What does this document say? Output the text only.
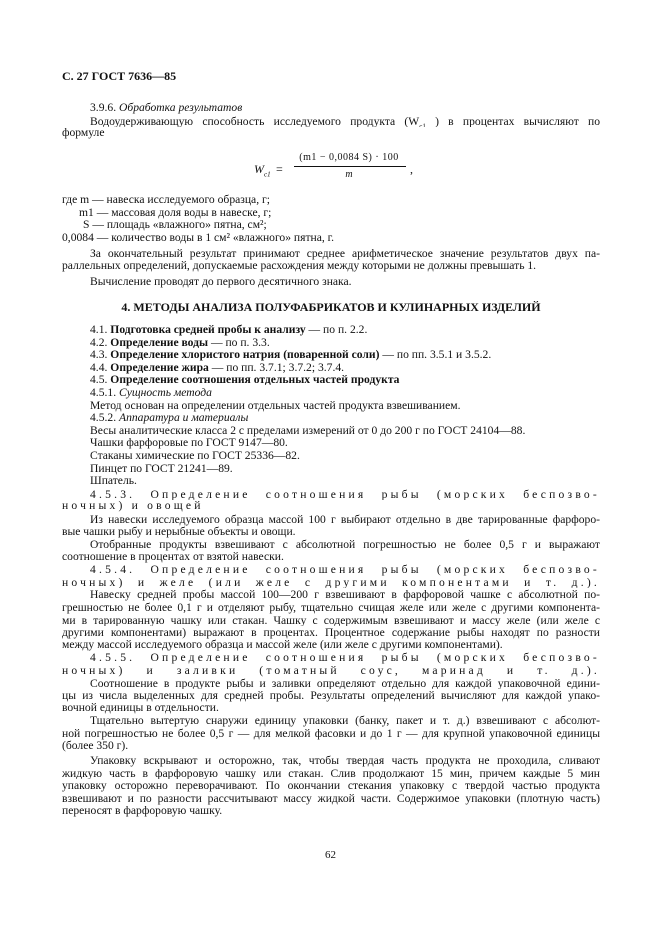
С. 27 ГОСТ 7636—85
3.9.6. Обработка результатов
Водоудерживающую способность исследуемого продукта ($W_{c1}$ ) в процентах вычисляют по
формуле
$W_{c1}$ =
(m1 − 0,0084 S) · 100
m	,
где m — навеска исследуемого образца, г;
m1 — массовая доля воды в навеске, г;
S — площадь «влажного» пятна, см²;
0,0084 — количество воды в 1 см² «влажного» пятна, г.
За окончательный результат принимают среднее арифметическое значение результатов двух па-
раллельных определений, допускаемые расхождения между которыми не должны превышать 1.
Вычисление проводят до первого десятичного знака.
4. МЕТОДЫ АНАЛИЗА ПОЛУФАБРИКАТОВ И КУЛИНАРНЫХ ИЗДЕЛИЙ
4.1. Подготовка средней пробы к анализу — по п. 2.2.
4.2. Определение воды — по п. 3.3.
4.3. Определение хлористого натрия (поваренной соли) — по пп. 3.5.1 и 3.5.2.
4.4. Определение жира — по пп. 3.7.1; 3.7.2; 3.7.4.
4.5. Определение соотношения отдельных частей продукта
4.5.1. Сущность метода
Метод основан на определении отдельных частей продукта взвешиванием.
4.5.2. Аппаратура и материалы
Весы аналитические класса 2 с пределами измерений от 0 до 200 г по ГОСТ 24104—88.
Чашки фарфоровые по ГОСТ 9147—80.
Стаканы химические по ГОСТ 25336—82.
Пинцет по ГОСТ 21241—89.
Шпатель.
4.5.3. Определение соотношения рыбы (морских беспозво-
ночных) и овощей
Из навески исследуемого образца массой 100 г выбирают отдельно в две тарированные фарфоро-
вые чашки рыбу и нерыбные объекты и овощи.
Отобранные продукты взвешивают с абсолютной погрешностью не более 0,5 г и выражают
соотношение в процентах от взятой навески.
4.5.4. Определение соотношения рыбы (морских беспозво-
ночных) и желе (или желе с другими компонентами и т. д.).
Навеску средней пробы массой 100—200 г взвешивают в фарфоровой чашке с абсолютной по-
грешностью не более 0,1 г и отделяют рыбу, тщательно счищая желе или желе с другими компонента-
ми в тарированную чашку или стакан. Чашку с содержимым взвешивают и массу желе (или желе с
другими компонентами) выражают в процентах. Процентное содержание рыбы находят по разности
между массой исследуемого образца и массой желе (или желе с другими компонентами).
4.5.5. Определение соотношения рыбы (морских беспозво-
ночных) и заливки (томатный соус, маринад и т. д.).
Соотношение в продукте рыбы и заливки определяют отдельно для каждой упаковочной едини-
цы из числа выделенных для средней пробы. Результаты определений вычисляют для каждой упако-
вочной единицы в отдельности.
Тщательно вытертую снаружи единицу упаковки (банку, пакет и т. д.) взвешивают с абсолют-
ной погрешностью не более 0,5 г — для мелкой фасовки и до 1 г — для крупной упаковочной единицы
(более 350 г).
Упаковку вскрывают и осторожно, так, чтобы твердая часть продукта не проходила, сливают
жидкую часть в фарфоровую чашку или стакан. Слив продолжают 15 мин, причем каждые 5 мин
упаковку осторожно переворачивают. По окончании стекания упаковку с твердой частью продукта
взвешивают и по разности рассчитывают массу жидкой части. Содержимое упаковки (плотную часть)
переносят в фарфоровую чашку.
62
